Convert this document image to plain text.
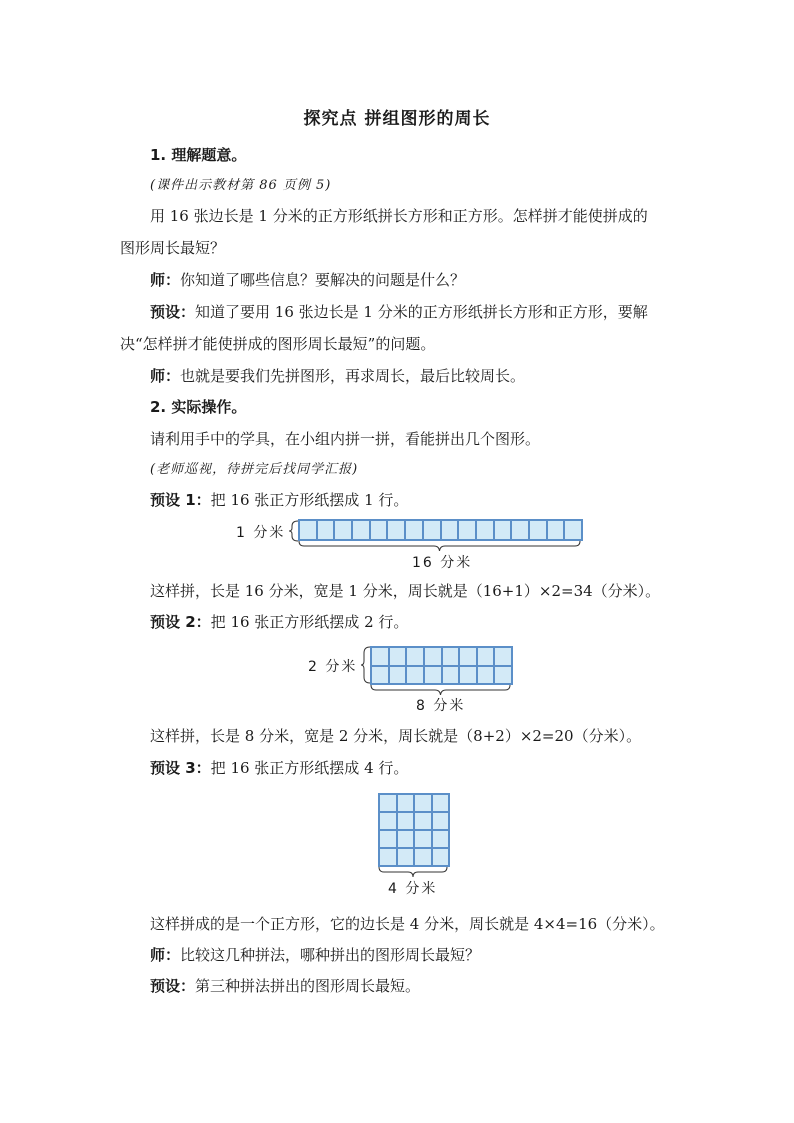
探究点 拼组图形的周长
1. 理解题意。
(课件出示教材第 86 页例 5)
用 16 张边长是 1 分米的正方形纸拼长方形和正方形。怎样拼才能使拼成的
图形周长最短？
师：你知道了哪些信息？要解决的问题是什么？
预设：知道了要用 16 张边长是 1 分米的正方形纸拼长方形和正方形，要解
决“怎样拼才能使拼成的图形周长最短”的问题。
师：也就是要我们先拼图形，再求周长，最后比较周长。
2. 实际操作。
请利用手中的学具，在小组内拼一拼，看能拼出几个图形。
(老师巡视，待拼完后找同学汇报)
预设 1：把 16 张正方形纸摆成 1 行。
1 分米
16 分米
这样拼，长是 16 分米，宽是 1 分米，周长就是（16+1）×2=34（分米）。
预设 2：把 16 张正方形纸摆成 2 行。
2 分米
8 分米
这样拼，长是 8 分米，宽是 2 分米，周长就是（8+2）×2=20（分米）。
预设 3：把 16 张正方形纸摆成 4 行。
4 分米
这样拼成的是一个正方形，它的边长是 4 分米，周长就是 4×4=16（分米）。
师：比较这几种拼法，哪种拼出的图形周长最短？
预设：第三种拼法拼出的图形周长最短。
